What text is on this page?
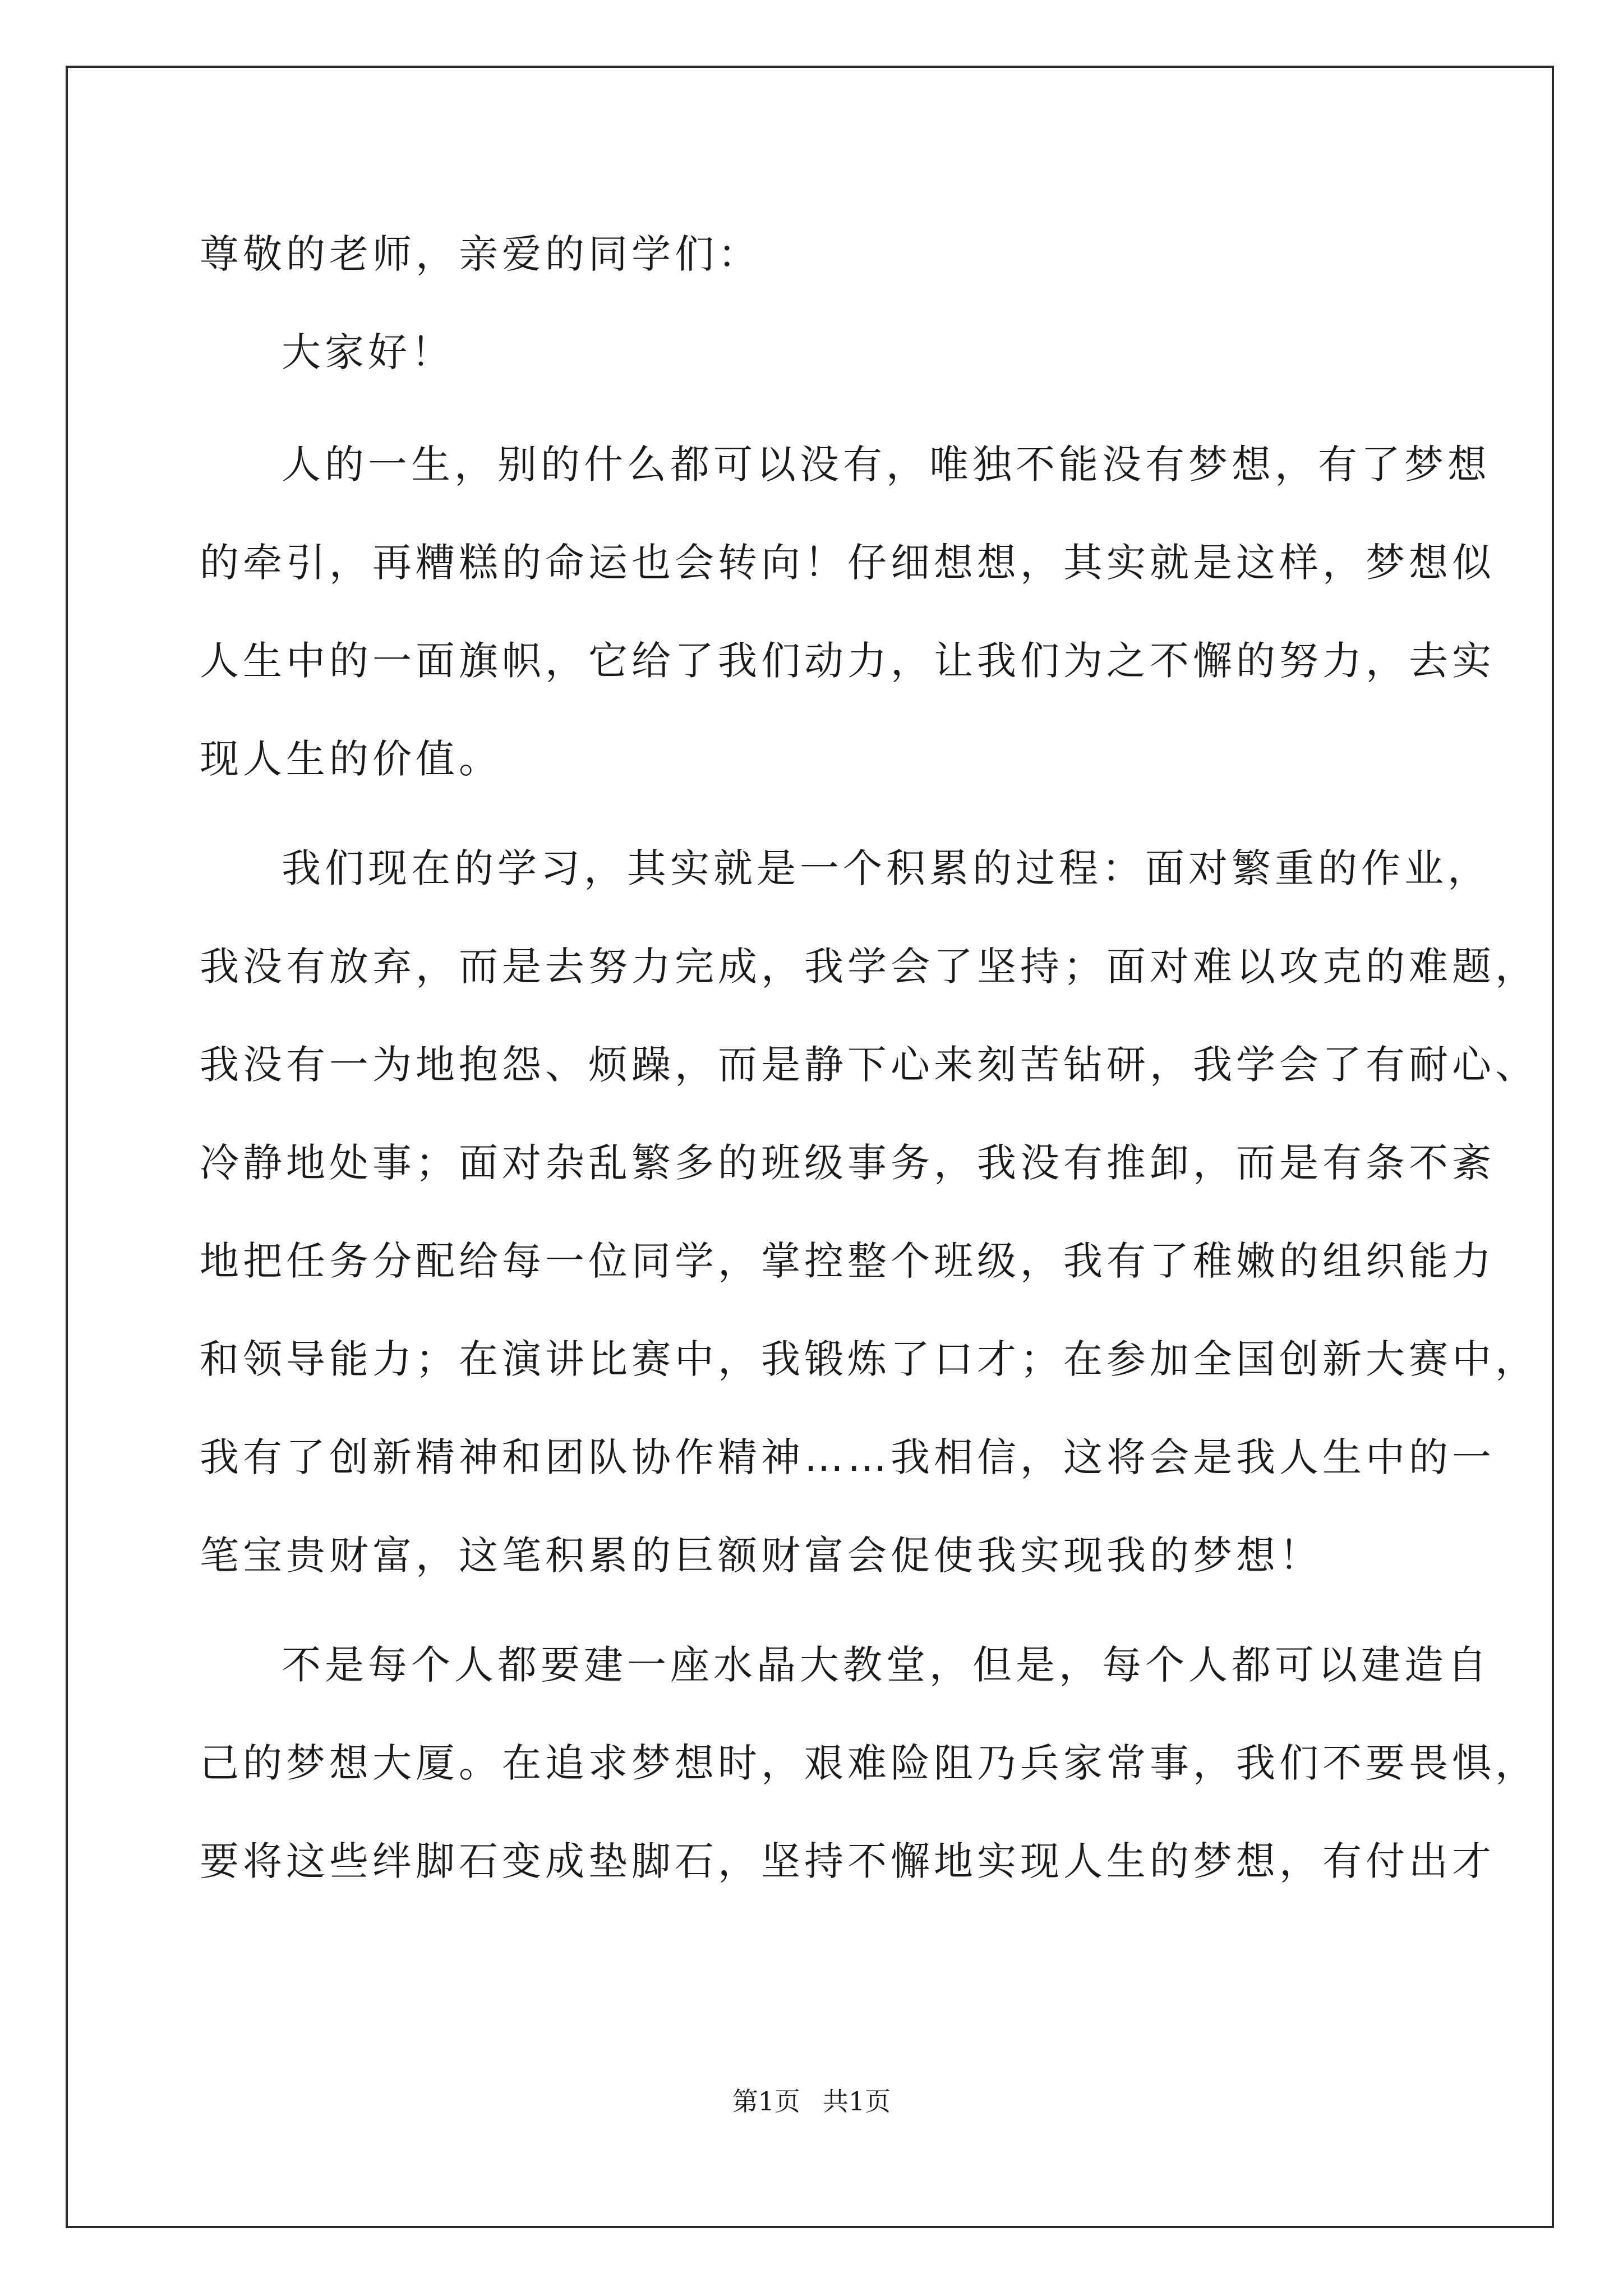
尊敬的老师，亲爱的同学们：
大家好！
人的一生，别的什么都可以没有，唯独不能没有梦想，有了梦想
的牵引，再糟糕的命运也会转向！仔细想想，其实就是这样，梦想似
人生中的一面旗帜，它给了我们动力，让我们为之不懈的努力，去实
现人生的价值。
我们现在的学习，其实就是一个积累的过程：面对繁重的作业，
我没有放弃，而是去努力完成，我学会了坚持；面对难以攻克的难题，
我没有一为地抱怨、烦躁，而是静下心来刻苦钻研，我学会了有耐心、
冷静地处事；面对杂乱繁多的班级事务，我没有推卸，而是有条不紊
地把任务分配给每一位同学，掌控整个班级，我有了稚嫩的组织能力
和领导能力；在演讲比赛中，我锻炼了口才；在参加全国创新大赛中，
我有了创新精神和团队协作精神……我相信，这将会是我人生中的一
笔宝贵财富，这笔积累的巨额财富会促使我实现我的梦想！
不是每个人都要建一座水晶大教堂，但是，每个人都可以建造自
己的梦想大厦。在追求梦想时，艰难险阻乃兵家常事，我们不要畏惧，
要将这些绊脚石变成垫脚石，坚持不懈地实现人生的梦想，有付出才
第1页 共1页
